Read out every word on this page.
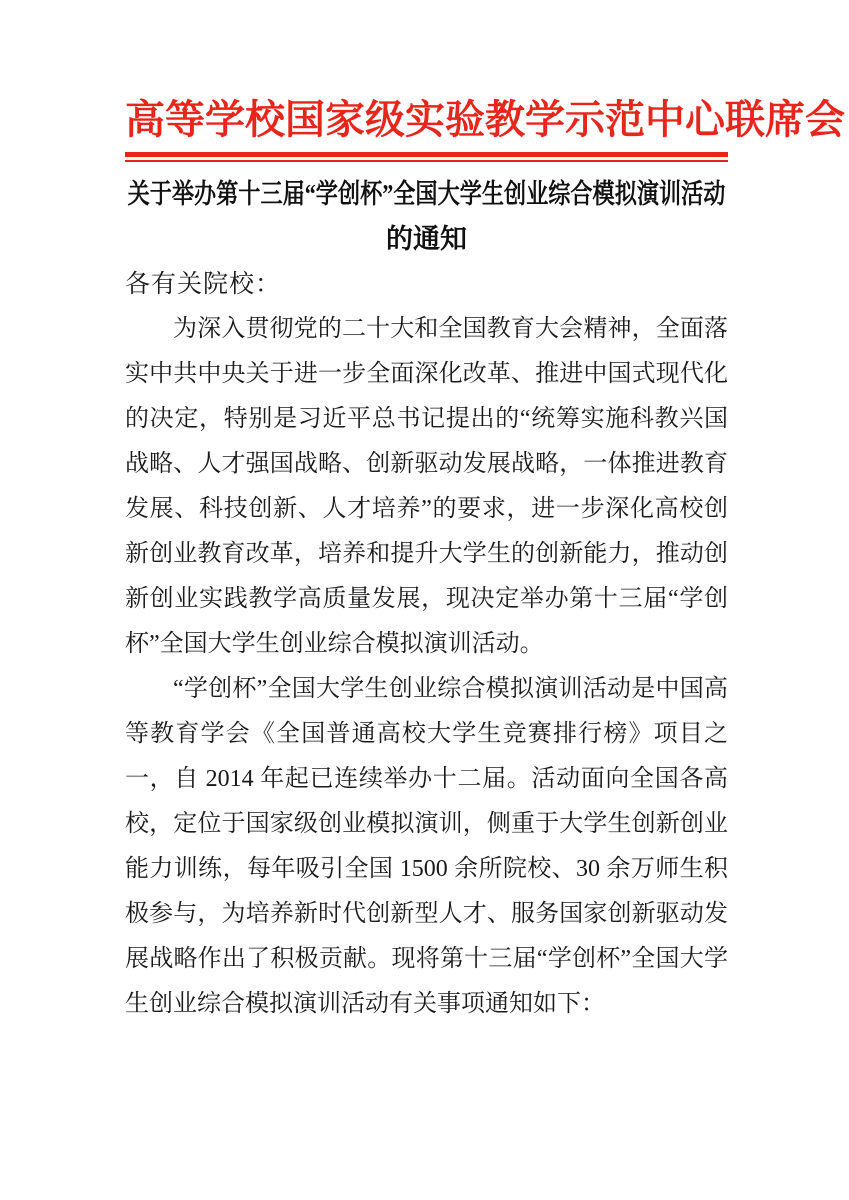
高等学校国家级实验教学示范中心联席会
关于举办第十三届“学创杯”全国大学生创业综合模拟演训活动
的通知
各有关院校：

为深入贯彻党的二十大和全国教育大会精神，全面落实中共中央关于进一步全面深化改革、推进中国式现代化的决定，特别是习近平总书记提出的“统筹实施科教兴国战略、人才强国战略、创新驱动发展战略，一体推进教育发展、科技创新、人才培养”的要求，进一步深化高校创新创业教育改革，培养和提升大学生的创新能力，推动创新创业实践教学高质量发展，现决定举办第十三届“学创杯”全国大学生创业综合模拟演训活动。

“学创杯”全国大学生创业综合模拟演训活动是中国高等教育学会《全国普通高校大学生竞赛排行榜》项目之一，自 2014 年起已连续举办十二届。活动面向全国各高校，定位于国家级创业模拟演训，侧重于大学生创新创业能力训练，每年吸引全国 1500 余所院校、30 余万师生积极参与，为培养新时代创新型人才、服务国家创新驱动发展战略作出了积极贡献。现将第十三届“学创杯”全国大学生创业综合模拟演训活动有关事项通知如下：
